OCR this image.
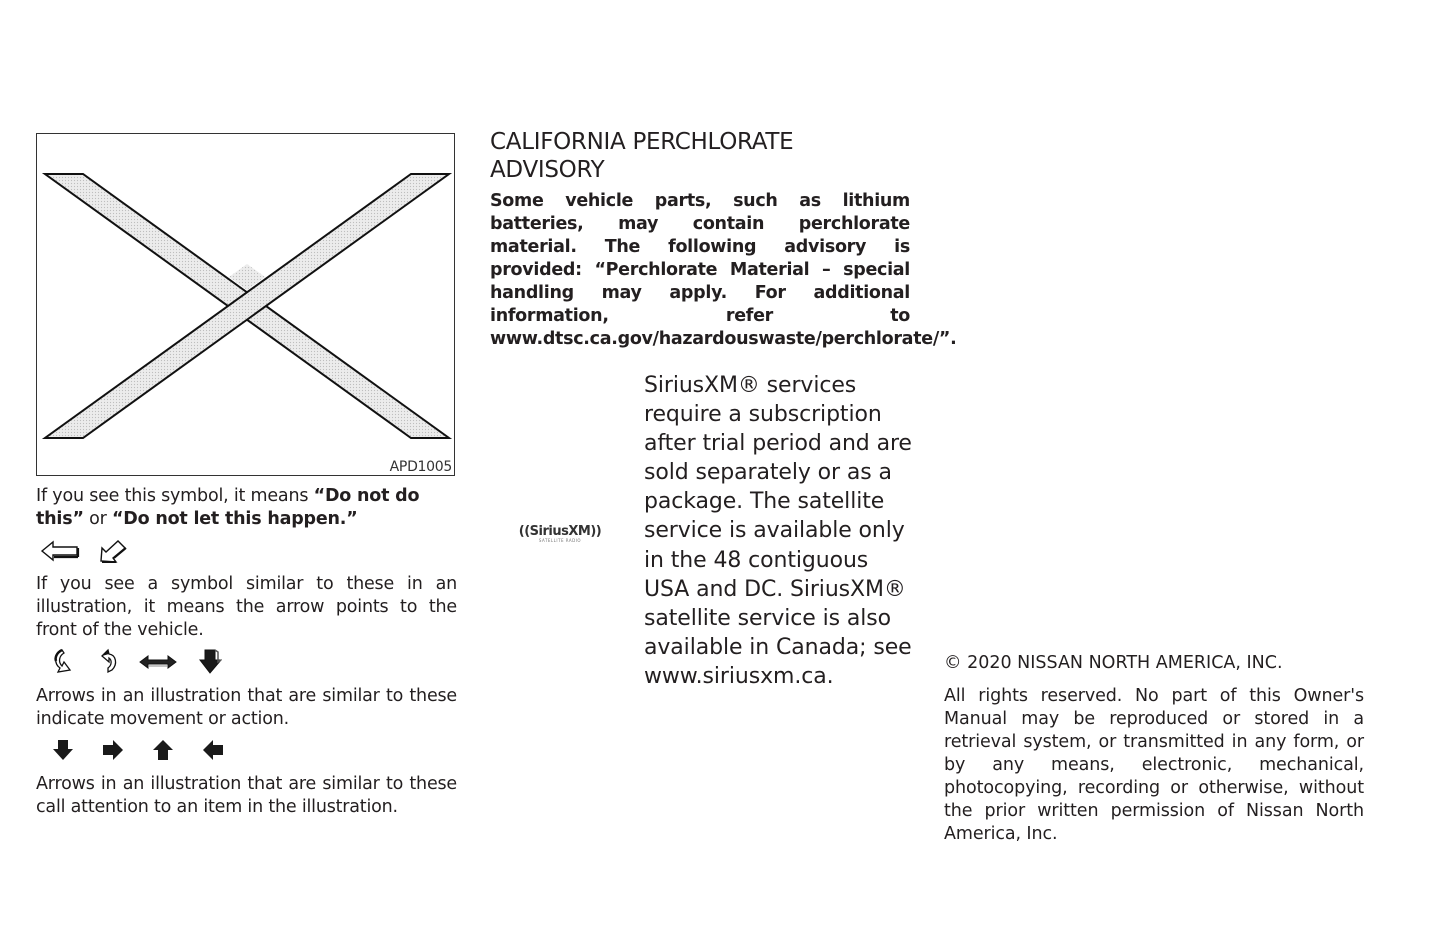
APD1005
If you see this symbol, it means “Do not do this” or “Do not let this happen.”
If you see a symbol similar to these in an illustration, it means the arrow points to the front of the vehicle.
Arrows in an illustration that are similar to these indicate movement or action.
Arrows in an illustration that are similar to these call attention to an item in the illustration.
CALIFORNIA PERCHLORATE ADVISORY
Some vehicle parts, such as lithium batteries, may contain perchlorate material. The following advisory is provided: “Perchlorate Material – special handling may apply. For additional information, refer to www.dtsc.ca.gov/hazardouswaste/perchlorate/”.
((SiriusXM))
SATELLITE RADIO
SiriusXM® services require a subscription after trial period and are sold separately or as a package. The satellite service is available only in the 48 contiguous USA and DC. SiriusXM® satellite service is also available in Canada; see www.siriusxm.ca.
© 2020 NISSAN NORTH AMERICA, INC.
All rights reserved. No part of this Owner's Manual may be reproduced or stored in a retrieval system, or transmitted in any form, or by any means, electronic, mechanical, photocopying, recording or otherwise, without the prior written permission of Nissan North America, Inc.
